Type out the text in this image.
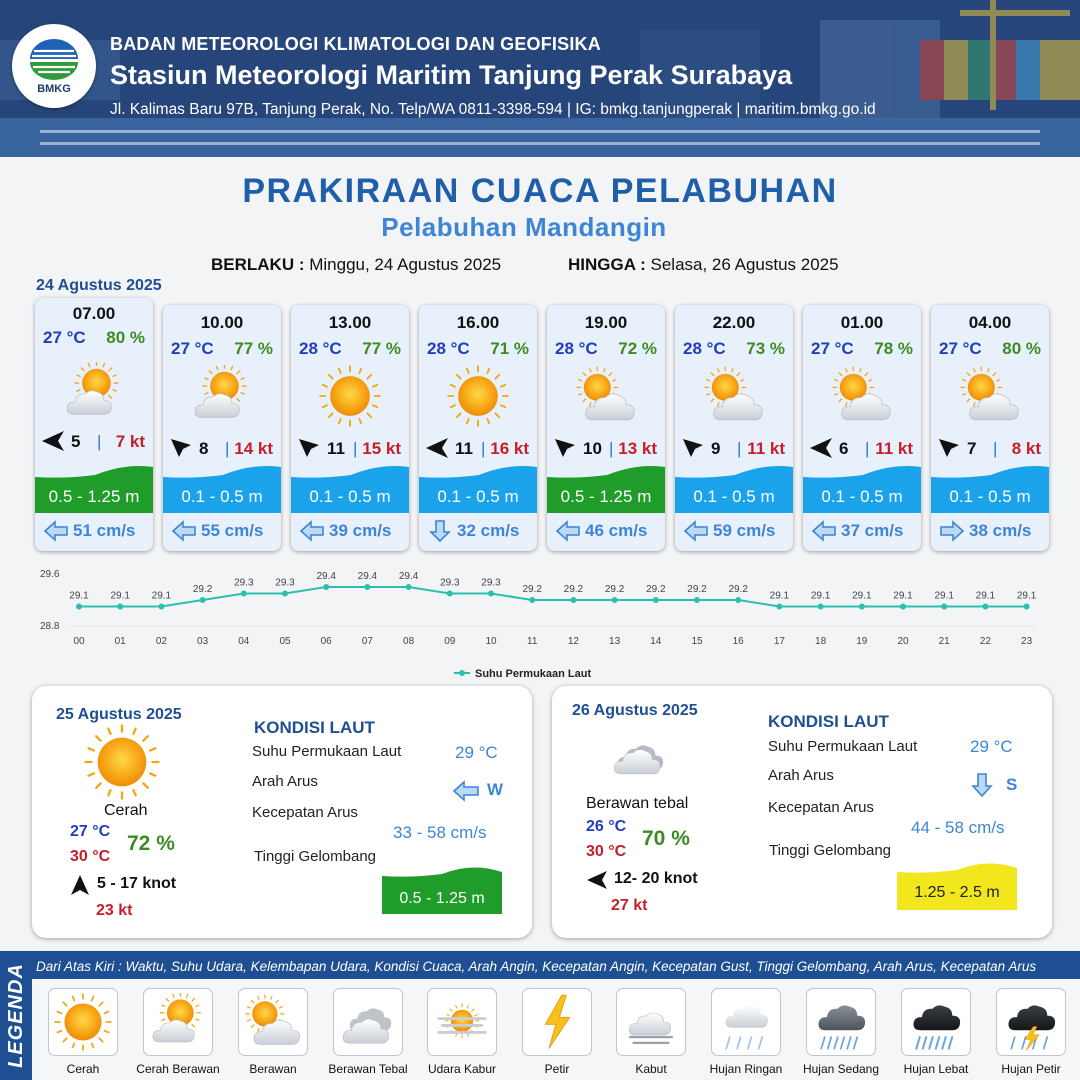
BMKG
BADAN METEOROLOGI KLIMATOLOGI DAN GEOFISIKA
Stasiun Meteorologi Maritim Tanjung Perak Surabaya
Jl. Kalimas Baru 97B, Tanjung Perak, No. Telp/WA 0811-3398-594 | IG: bmkg.tanjungperak | maritim.bmkg.go.id
PRAKIRAAN CUACA PELABUHAN
Pelabuhan Mandangin
BERLAKU : Minggu, 24 Agustus 2025	HINGGA : Selasa, 26 Agustus 2025
24 Agustus 2025
07.00
27 °C 80 %
5 | 7 kt
0.5 - 1.25 m
51 cm/s
10.00
27 °C 77 %
8 | 14 kt
0.1 - 0.5 m
55 cm/s
13.00
28 °C 77 %
11 | 15 kt
0.1 - 0.5 m
39 cm/s
16.00
28 °C 71 %
11 | 16 kt
0.1 - 0.5 m
32 cm/s
19.00
28 °C 72 %
10 | 13 kt
0.5 - 1.25 m
46 cm/s
22.00
28 °C 73 %
9 | 11 kt
0.1 - 0.5 m
59 cm/s
01.00
27 °C 78 %
6 | 11 kt
0.1 - 0.5 m
37 cm/s
04.00
27 °C 80 %
7 | 8 kt
0.1 - 0.5 m
38 cm/s
29.6
28.8
29.1
00
29.1
01
29.1
02
29.2
03
29.3
04
29.3
05
29.4
06
29.4
07
29.4
08
29.3
09
29.3
10
29.2
11
29.2
12
29.2
13
29.2
14
29.2
15
29.2
16
29.1
17
29.1
18
29.1
19
29.1
20
29.1
21
29.1
22
29.1
23
Suhu Permukaan Laut
25 Agustus 2025
Cerah
27 °C
30 °C
72 %
5 - 17 knot
23 kt
KONDISI LAUT
Suhu Permukaan Laut	29 °C
Arah Arus	W
Kecepatan Arus
33 - 58 cm/s
Tinggi Gelombang
0.5 - 1.25 m
26 Agustus 2025
Berawan tebal
26 °C
30 °C
70 %
12- 20 knot
27 kt
KONDISI LAUT
Suhu Permukaan Laut	29 °C
Arah Arus	S
Kecepatan Arus
44 - 58 cm/s
Tinggi Gelombang
1.25 - 2.5 m
LEGENDA Dari Atas Kiri : Waktu, Suhu Udara, Kelembapan Udara, Kondisi Cuaca, Arah Angin, Kecepatan Angin, Kecepatan Gust, Tinggi Gelombang, Arah Arus, Kecepatan Arus
Cerah	Cerah Berawan	Berawan	Berawan Tebal	Udara Kabur	Petir	Kabut	Hujan Ringan	Hujan Sedang	Hujan Lebat	Hujan Petir
